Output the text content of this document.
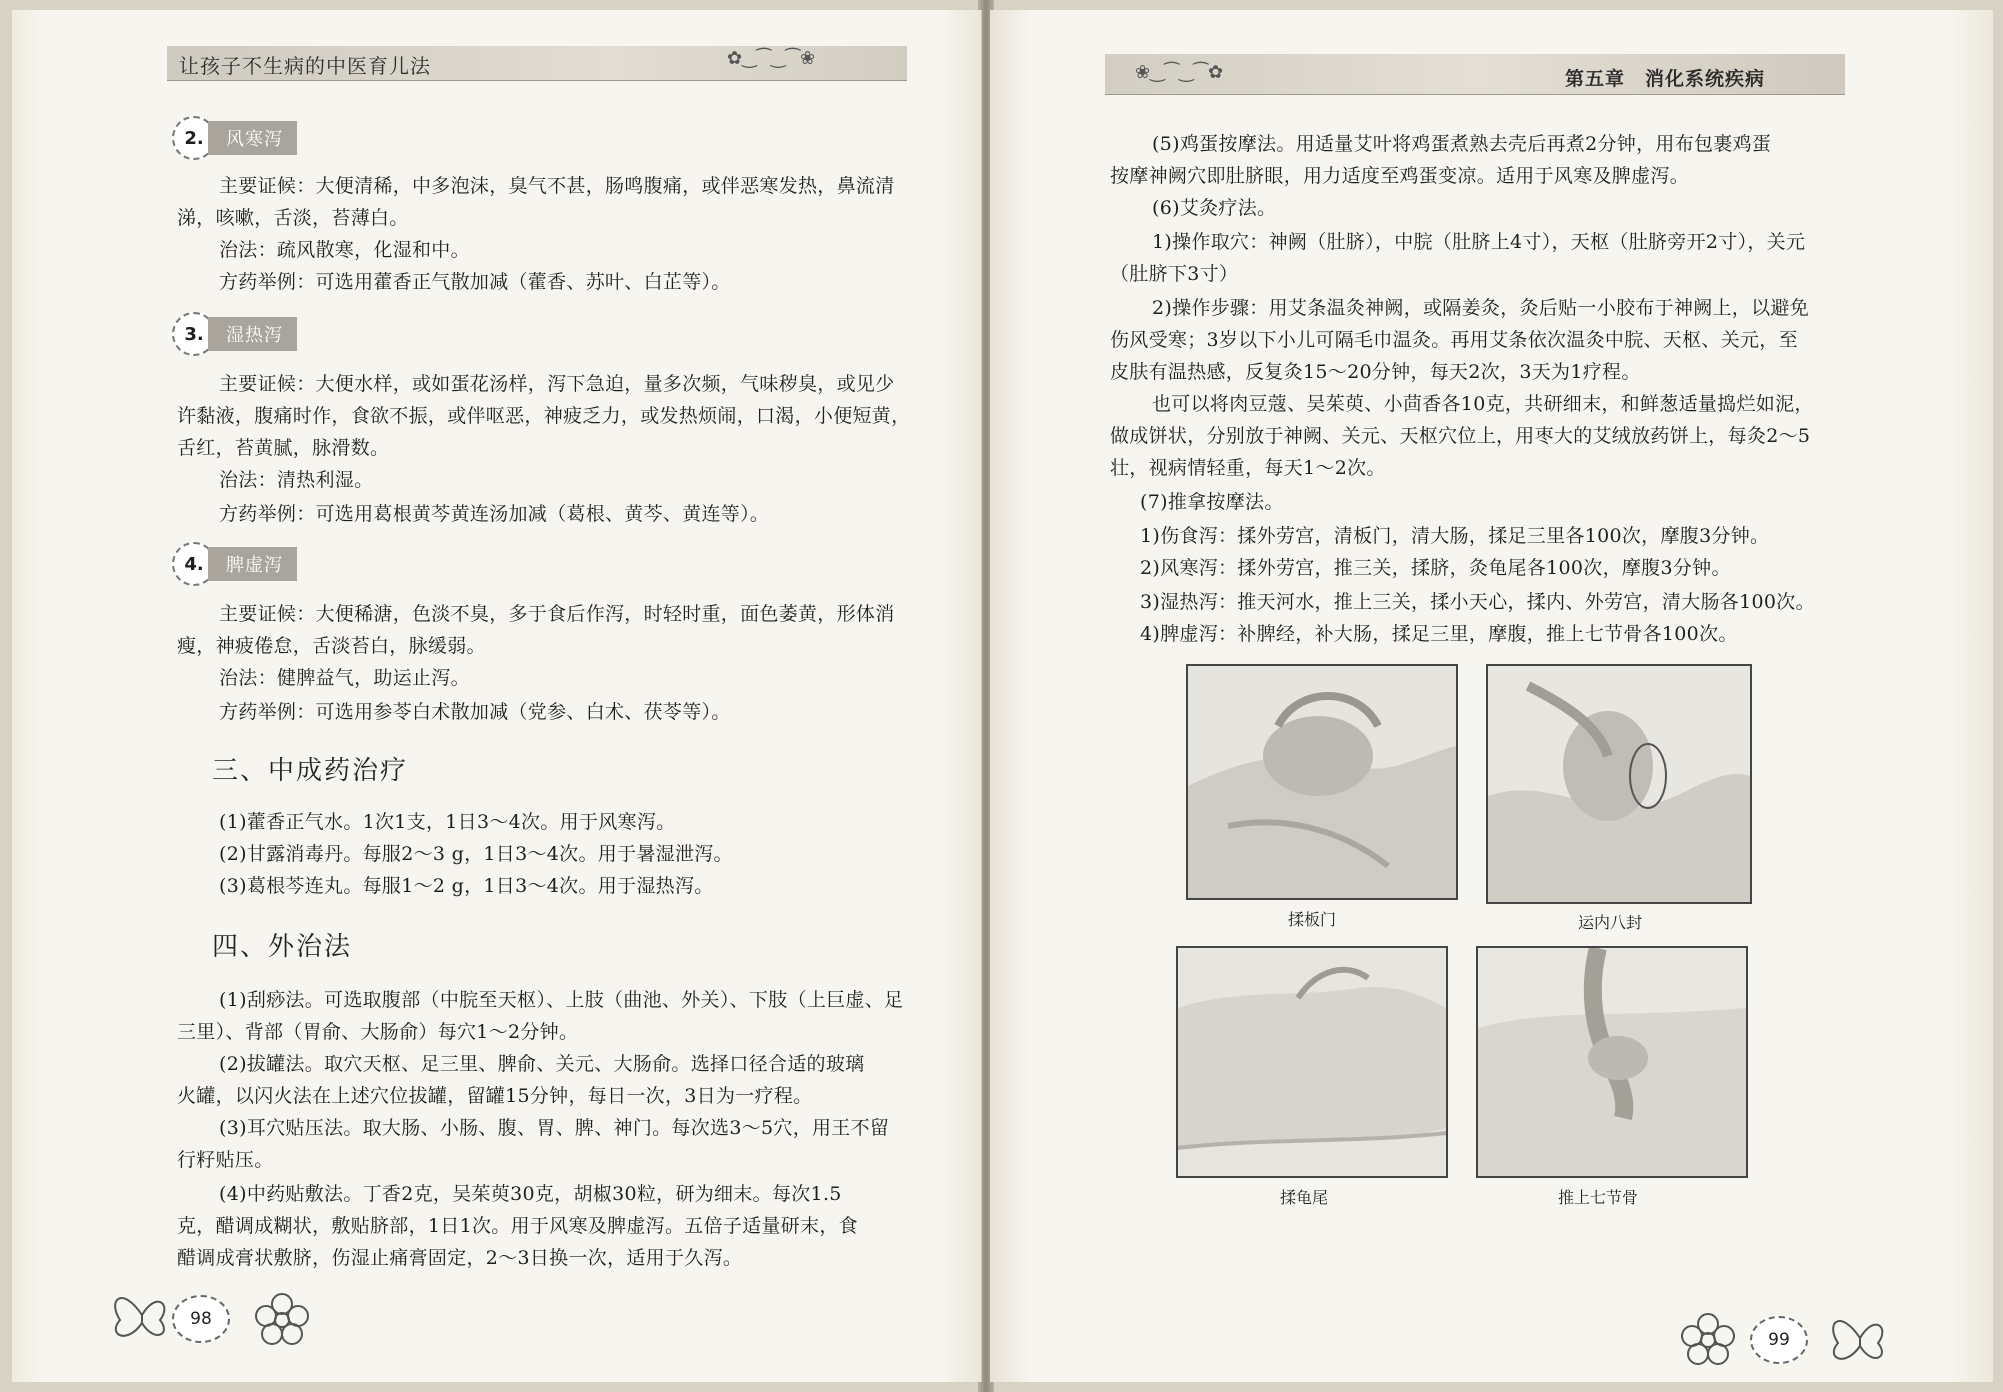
让孩子不生病的中医育儿法	✿‿⁀‿⁀❀
2.	风寒泻
主要证候：大便清稀，中多泡沫，臭气不甚，肠鸣腹痛，或伴恶寒发热，鼻流清
涕，咳嗽，舌淡，苔薄白。
治法：疏风散寒，化湿和中。
方药举例：可选用藿香正气散加减（藿香、苏叶、白芷等）。
3.	湿热泻
主要证候：大便水样，或如蛋花汤样，泻下急迫，量多次频，气味秽臭，或见少
许黏液，腹痛时作，食欲不振，或伴呕恶，神疲乏力，或发热烦闹，口渴，小便短黄，
舌红，苔黄腻，脉滑数。
治法：清热利湿。
方药举例：可选用葛根黄芩黄连汤加减（葛根、黄芩、黄连等）。
4.	脾虚泻
主要证候：大便稀溏，色淡不臭，多于食后作泻，时轻时重，面色萎黄，形体消
瘦，神疲倦怠，舌淡苔白，脉缓弱。
治法：健脾益气，助运止泻。
方药举例：可选用参苓白术散加减（党参、白术、茯苓等）。
三、中成药治疗
(1)藿香正气水。1次1支，1日3～4次。用于风寒泻。
(2)甘露消毒丹。每服2～3 g，1日3～4次。用于暑湿泄泻。
(3)葛根芩连丸。每服1～2 g，1日3～4次。用于湿热泻。
四、外治法
(1)刮痧法。可选取腹部（中脘至天枢）、上肢（曲池、外关）、下肢（上巨虚、足
三里）、背部（胃俞、大肠俞）每穴1～2分钟。
(2)拔罐法。取穴天枢、足三里、脾俞、关元、大肠俞。选择口径合适的玻璃
火罐，以闪火法在上述穴位拔罐，留罐15分钟，每日一次，3日为一疗程。
(3)耳穴贴压法。取大肠、小肠、腹、胃、脾、神门。每次选3～5穴，用王不留
行籽贴压。
(4)中药贴敷法。丁香2克，吴茱萸30克，胡椒30粒，研为细末。每次1.5
克，醋调成糊状，敷贴脐部，1日1次。用于风寒及脾虚泻。五倍子适量研末，食
醋调成膏状敷脐，伤湿止痛膏固定，2～3日换一次，适用于久泻。
98
❀‿⁀‿⁀✿	第五章　消化系统疾病
(5)鸡蛋按摩法。用适量艾叶将鸡蛋煮熟去壳后再煮2分钟，用布包裹鸡蛋
按摩神阙穴即肚脐眼，用力适度至鸡蛋变凉。适用于风寒及脾虚泻。
(6)艾灸疗法。
1)操作取穴：神阙（肚脐），中脘（肚脐上4寸），天枢（肚脐旁开2寸），关元
（肚脐下3寸）
2)操作步骤：用艾条温灸神阙，或隔姜灸，灸后贴一小胶布于神阙上，以避免
伤风受寒；3岁以下小儿可隔毛巾温灸。再用艾条依次温灸中脘、天枢、关元，至
皮肤有温热感，反复灸15～20分钟，每天2次，3天为1疗程。
也可以将肉豆蔻、吴茱萸、小茴香各10克，共研细末，和鲜葱适量捣烂如泥，
做成饼状，分别放于神阙、关元、天枢穴位上，用枣大的艾绒放药饼上，每灸2～5
壮，视病情轻重，每天1～2次。
(7)推拿按摩法。
1)伤食泻：揉外劳宫，清板门，清大肠，揉足三里各100次，摩腹3分钟。
2)风寒泻：揉外劳宫，推三关，揉脐，灸龟尾各100次，摩腹3分钟。
3)湿热泻：推天河水，推上三关，揉小天心，揉内、外劳宫，清大肠各100次。
4)脾虚泻：补脾经，补大肠，揉足三里，摩腹，推上七节骨各100次。
揉板门	运内八封
揉龟尾	推上七节骨
99
